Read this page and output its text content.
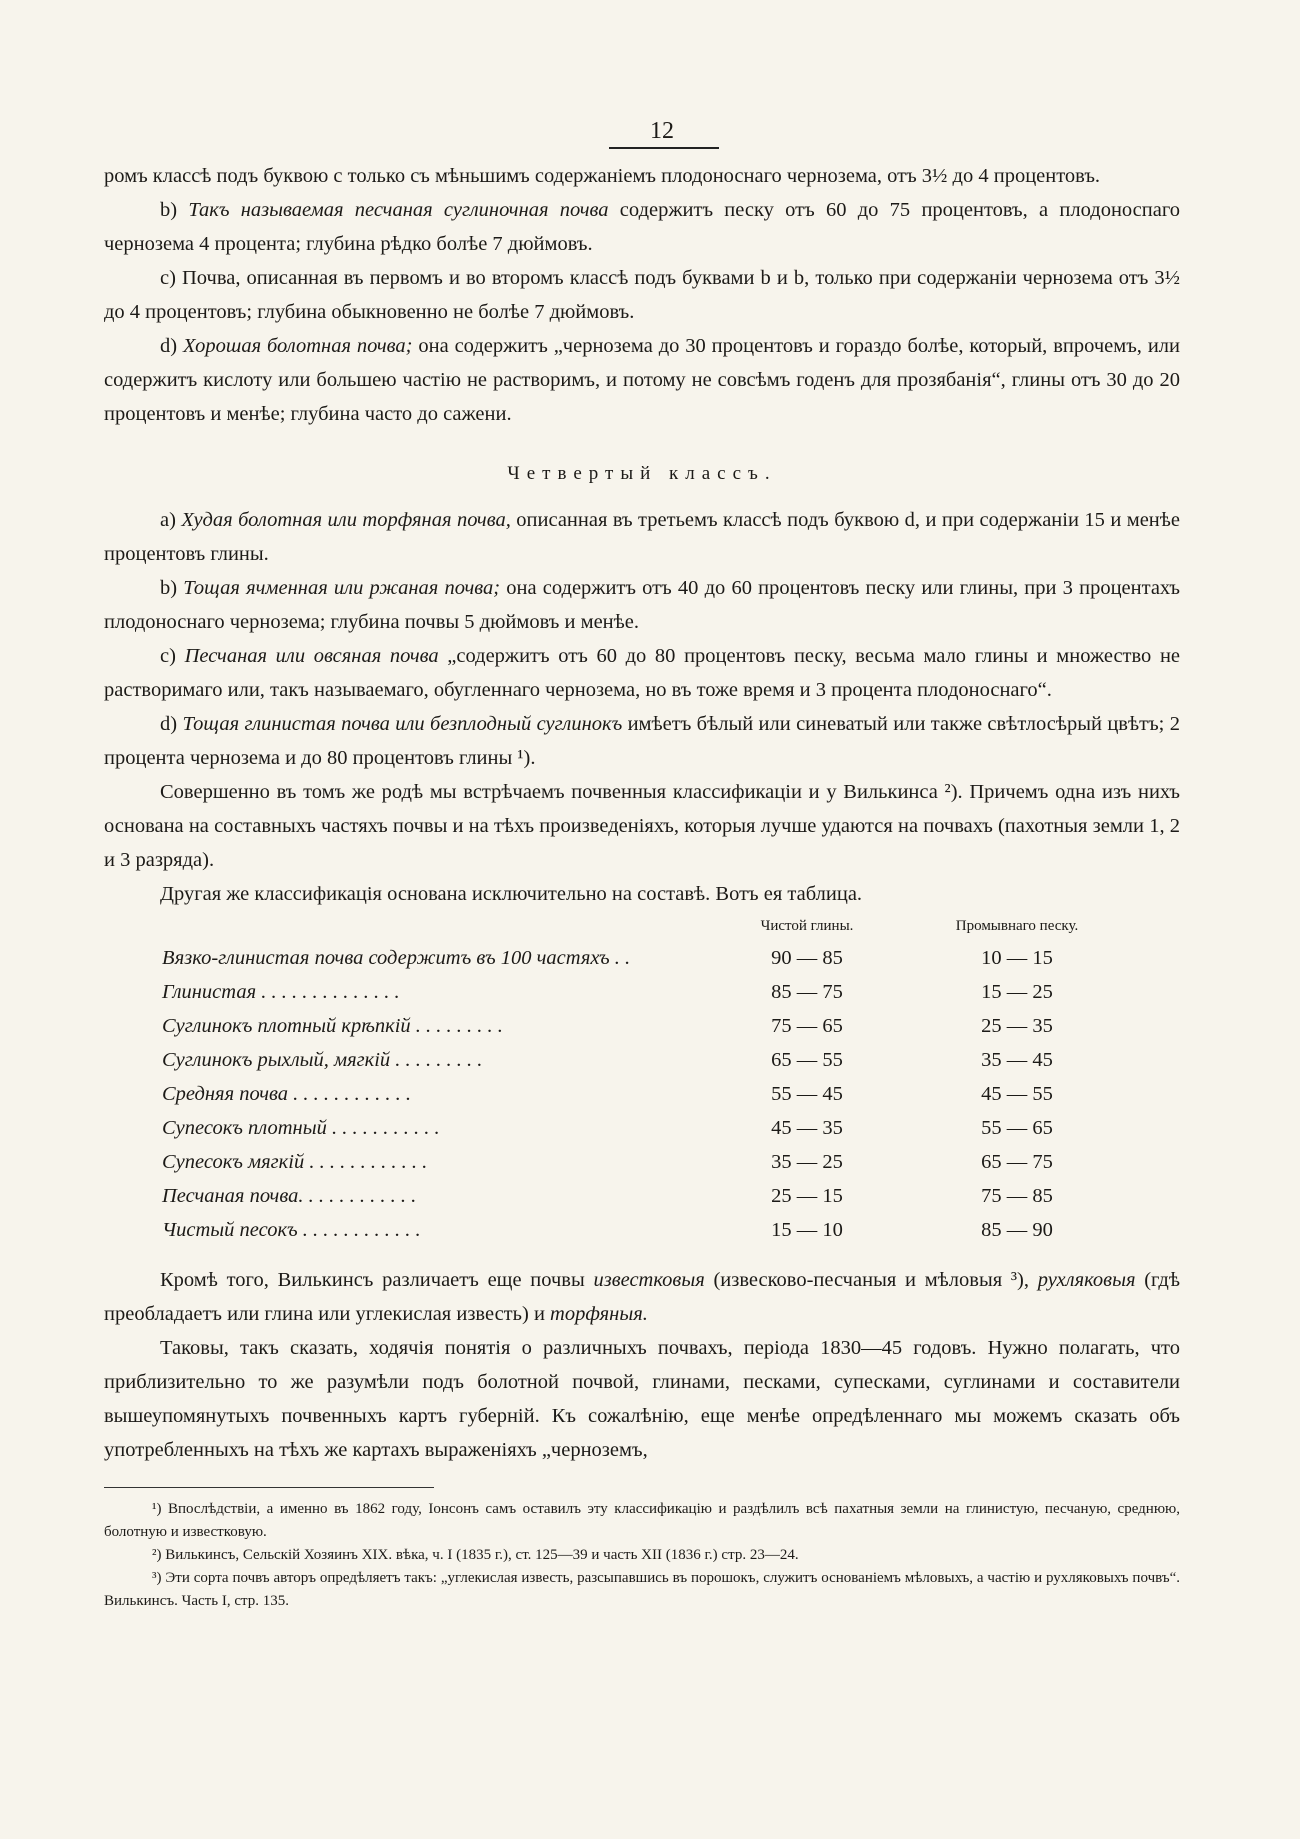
12

ромъ классѣ подъ буквою c только съ мѣньшимъ содержаніемъ плодоноснаго чернозема, отъ 3½ до 4 процентовъ.

b) Такъ называемая песчаная суглиночная почва содержитъ песку отъ 60 до 75 процентовъ, а плодоноспаго чернозема 4 процента; глубина рѣдко болѣе 7 дюймовъ.

c) Почва, описанная въ первомъ и во второмъ классѣ подъ буквами b и b, только при содержаніи чернозема отъ 3½ до 4 процентовъ; глубина обыкновенно не болѣе 7 дюймовъ.

d) Хорошая болотная почва; она содержитъ „чернозема до 30 процентовъ и гораздо болѣе, который, впрочемъ, или содержитъ кислоту или большею частію не растворимъ, и потому не совсѣмъ годенъ для прозябанія“, глины отъ 30 до 20 процентовъ и менѣе; глубина часто до сажени.

Четвертый классъ.

a) Худая болотная или торфяная почва, описанная въ третьемъ классѣ подъ буквою d, и при содержаніи 15 и менѣе процентовъ глины.

b) Тощая ячменная или ржаная почва; она содержитъ отъ 40 до 60 процентовъ песку или глины, при 3 процентахъ плодоноснаго чернозема; глубина почвы 5 дюймовъ и менѣе.

c) Песчаная или овсяная почва „содержитъ отъ 60 до 80 процентовъ песку, весьма мало глины и множество не растворимаго или, такъ называемаго, обугленнаго чернозема, но въ тоже время и 3 процента плодоноснаго“.

d) Тощая глинистая почва или безплодный суглинокъ имѣетъ бѣлый или синеватый или также свѣтлосѣрый цвѣтъ; 2 процента чернозема и до 80 процентовъ глины ¹).

Совершенно въ томъ же родѣ мы встрѣчаемъ почвенныя классификаціи и у Вилькинса ²). Причемъ одна изъ нихъ основана на составныхъ частяхъ почвы и на тѣхъ произведеніяхъ, которыя лучше удаются на почвахъ (пахотныя земли 1, 2 и 3 разряда).

Другая же классификація основана исключительно на составѣ. Вотъ ея таблица.

	Чистой глины.	Промывнаго песку.
Вязко-глинистая почва содержитъ въ 100 частяхъ . .	90 — 85	10 — 15
Глинистая . . . . . . . . . . . . . .	85 — 75	15 — 25
Суглинокъ плотный крѣпкій . . . . . . . . .	75 — 65	25 — 35
Суглинокъ рыхлый, мягкій . . . . . . . . .	65 — 55	35 — 45
Средняя почва . . . . . . . . . . . .	55 — 45	45 — 55
Супесокъ плотный . . . . . . . . . . .	45 — 35	55 — 65
Супесокъ мягкій . . . . . . . . . . . .	35 — 25	65 — 75
Песчаная почва. . . . . . . . . . . .	25 — 15	75 — 85
Чистый песокъ . . . . . . . . . . . .	15 — 10	85 — 90

Кромѣ того, Вилькинсъ различаетъ еще почвы известковыя (извесково-песчаныя и мѣловыя ³), рухляковыя (гдѣ преобладаетъ или глина или углекислая известь) и торфяныя.

Таковы, такъ сказать, ходячія понятія о различныхъ почвахъ, періода 1830—45 годовъ. Нужно полагать, что приблизительно то же разумѣли подъ болотной почвой, глинами, песками, супесками, суглинами и составители вышеупомянутыхъ почвенныхъ картъ губерній. Къ сожалѣнію, еще менѣе опредѣленнаго мы можемъ сказать объ употребленныхъ на тѣхъ же картахъ выраженіяхъ „черноземъ,

¹) Впослѣдствіи, а именно въ 1862 году, Іонсонъ самъ оставилъ эту классификацію и раздѣлилъ всѣ пахатныя земли на глинистую, песчаную, среднюю, болотную и известковую.
²) Вилькинсъ, Сельскій Хозяинъ XIX. вѣка, ч. I (1835 г.), ст. 125—39 и часть XII (1836 г.) стр. 23—24.
³) Эти сорта почвъ авторъ опредѣляетъ такъ: „углекислая известь, разсыпавшись въ порошокъ, служитъ основаніемъ мѣловыхъ, а частію и рухляковыхъ почвъ“. Вилькинсъ. Часть I, стр. 135.
